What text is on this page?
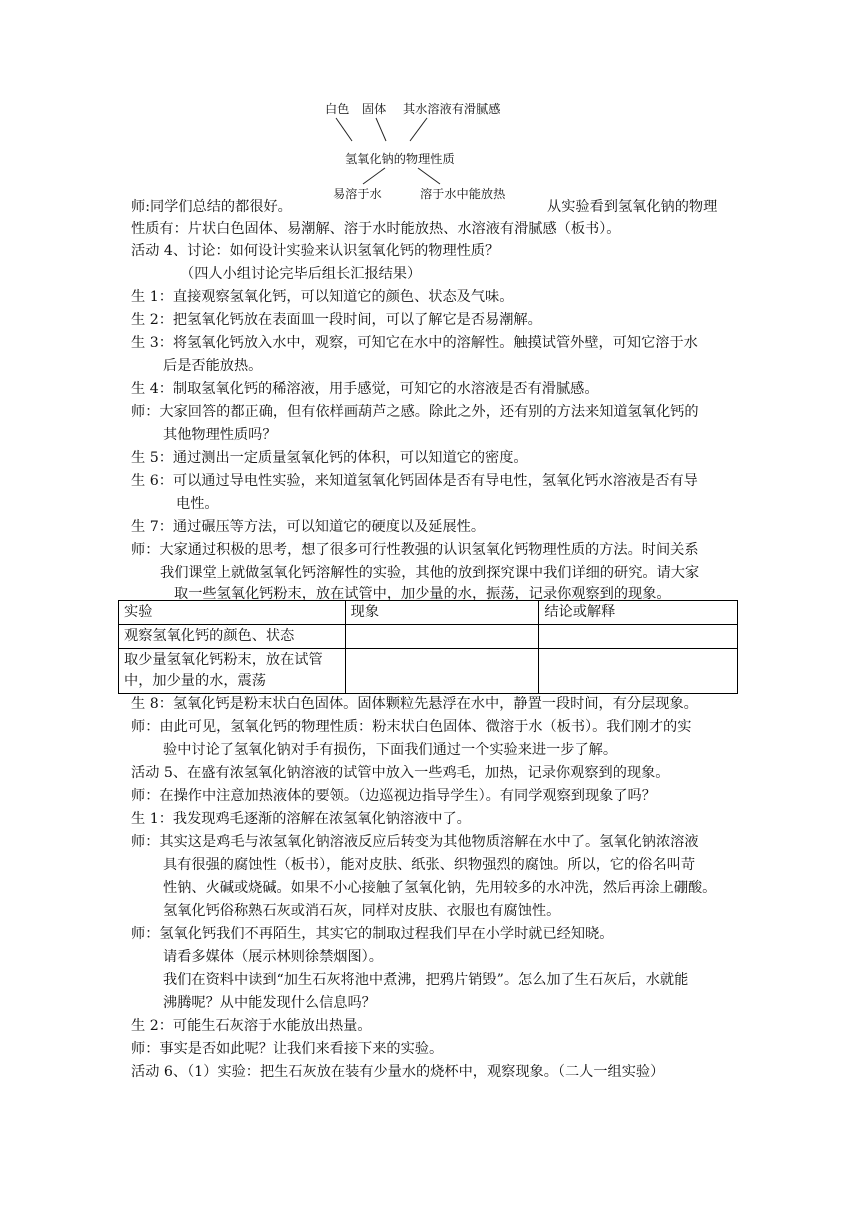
白色 固体 其水溶液有滑腻感
氢氧化钠的物理性质
易溶于水	溶于水中能放热
师:同学们总结的都很好。	从实验看到氢氧化钠的物理
性质有：片状白色固体、易潮解、溶于水时能放热、水溶液有滑腻感（板书）。
活动 4、讨论：如何设计实验来认识氢氧化钙的物理性质？
（四人小组讨论完毕后组长汇报结果）
生 1：直接观察氢氧化钙，可以知道它的颜色、状态及气味。
生 2：把氢氧化钙放在表面皿一段时间，可以了解它是否易潮解。
生 3：将氢氧化钙放入水中，观察，可知它在水中的溶解性。触摸试管外壁，可知它溶于水
后是否能放热。
生 4：制取氢氧化钙的稀溶液，用手感觉，可知它的水溶液是否有滑腻感。
师：大家回答的都正确，但有依样画葫芦之感。除此之外，还有别的方法来知道氢氧化钙的
其他物理性质吗？
生 5：通过测出一定质量氢氧化钙的体积，可以知道它的密度。
生 6：可以通过导电性实验，来知道氢氧化钙固体是否有导电性，氢氧化钙水溶液是否有导
电性。
生 7：通过碾压等方法，可以知道它的硬度以及延展性。
师：大家通过积极的思考，想了很多可行性教强的认识氢氧化钙物理性质的方法。时间关系
我们课堂上就做氢氧化钙溶解性的实验，其他的放到探究课中我们详细的研究。请大家
取一些氢氧化钙粉末，放在试管中，加少量的水，振荡，记录你观察到的现象。
实验	现象	结论或解释
观察氢氧化钙的颜色、状态		
取少量氢氧化钙粉末，放在试管中，加少量的水，震荡		
生 8：氢氧化钙是粉末状白色固体。固体颗粒先悬浮在水中，静置一段时间，有分层现象。
师：由此可见，氢氧化钙的物理性质：粉末状白色固体、微溶于水（板书）。我们刚才的实
验中讨论了氢氧化钠对手有损伤，下面我们通过一个实验来进一步了解。
活动 5、在盛有浓氢氧化钠溶液的试管中放入一些鸡毛，加热，记录你观察到的现象。
师：在操作中注意加热液体的要领。（边巡视边指导学生）。有同学观察到现象了吗？
生 1：我发现鸡毛逐渐的溶解在浓氢氧化钠溶液中了。
师：其实这是鸡毛与浓氢氧化钠溶液反应后转变为其他物质溶解在水中了。氢氧化钠浓溶液
具有很强的腐蚀性（板书），能对皮肤、纸张、织物强烈的腐蚀。所以，它的俗名叫苛
性钠、火碱或烧碱。如果不小心接触了氢氧化钠，先用较多的水冲洗，然后再涂上硼酸。
氢氧化钙俗称熟石灰或消石灰，同样对皮肤、衣服也有腐蚀性。
师：氢氧化钙我们不再陌生，其实它的制取过程我们早在小学时就已经知晓。
请看多媒体（展示林则徐禁烟图）。
我们在资料中读到“加生石灰将池中煮沸，把鸦片销毁”。怎么加了生石灰后，水就能
沸腾呢？从中能发现什么信息吗？
生 2：可能生石灰溶于水能放出热量。
师：事实是否如此呢？让我们来看接下来的实验。
活动 6、（1）实验：把生石灰放在装有少量水的烧杯中，观察现象。（二人一组实验）
